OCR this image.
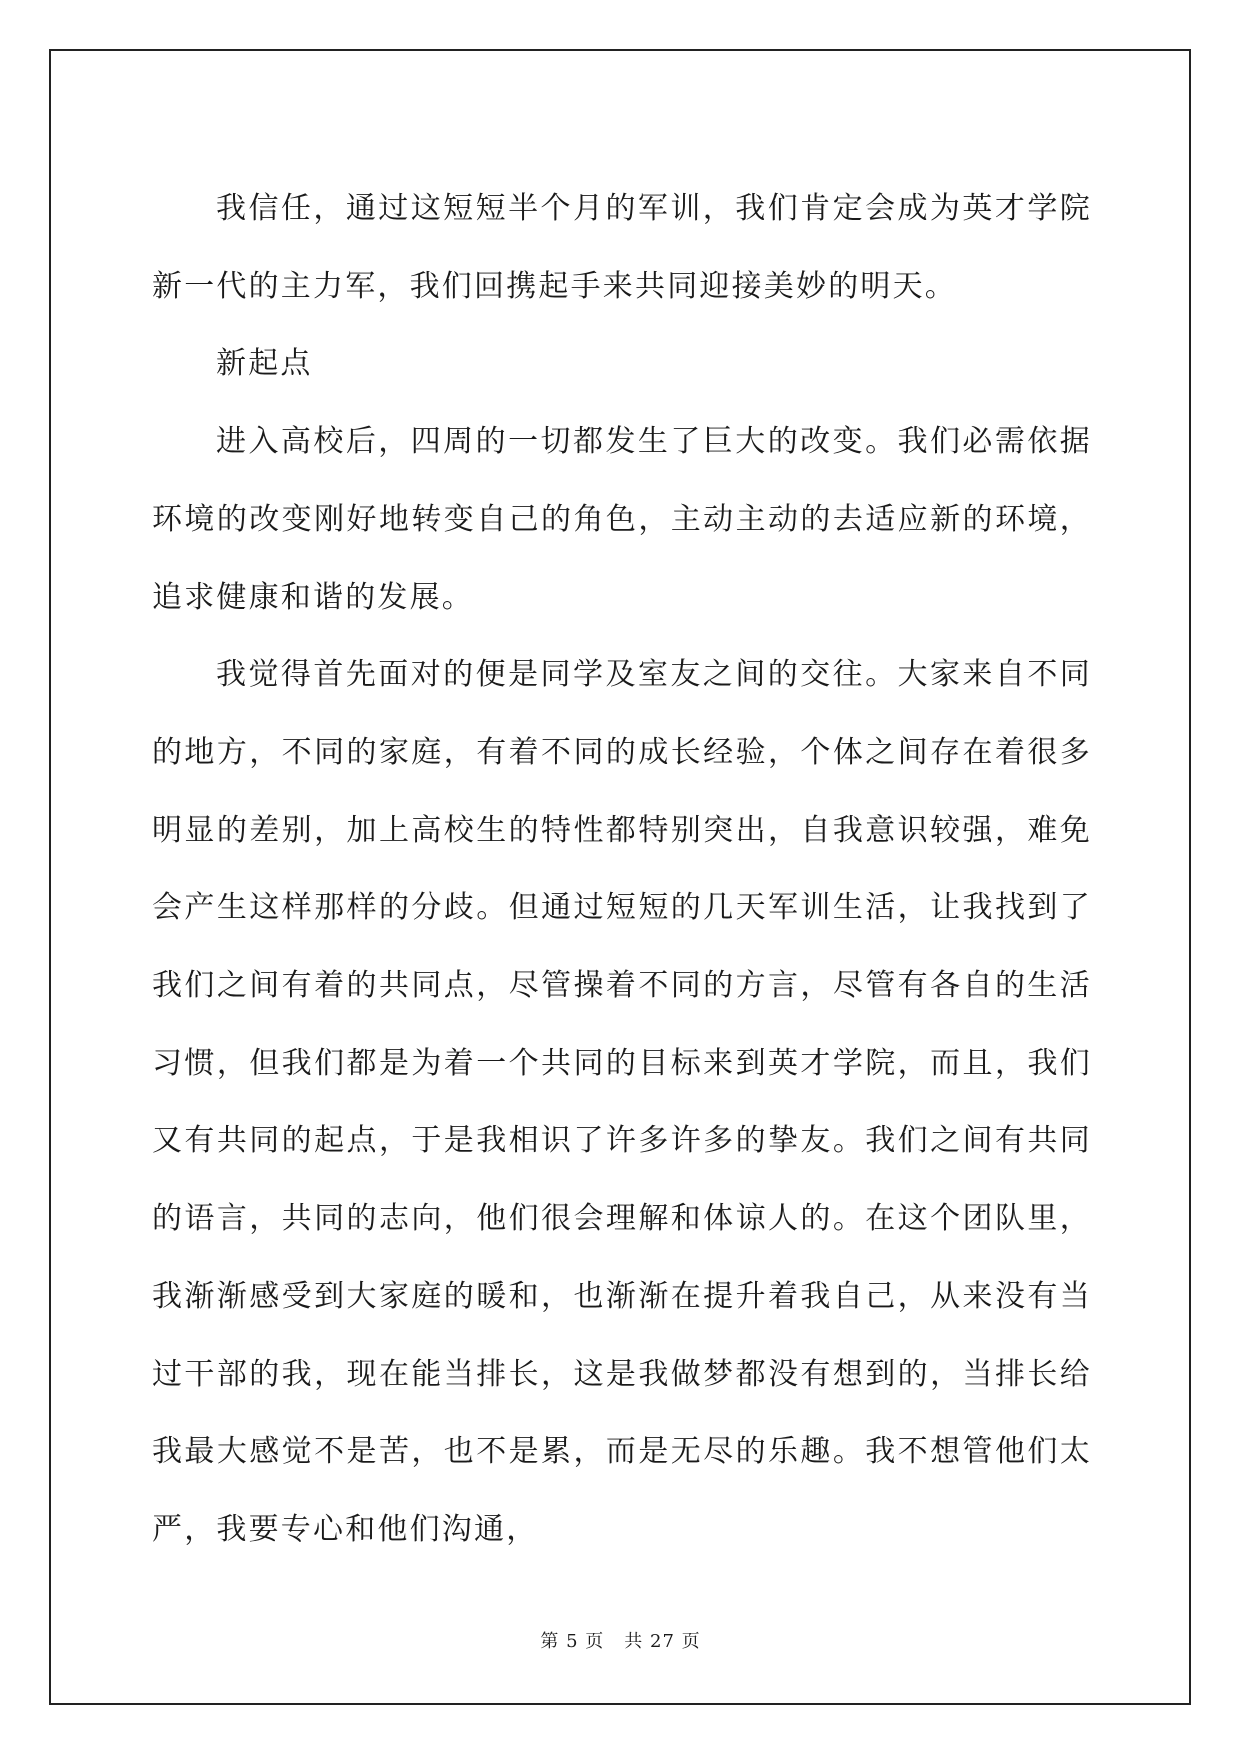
我信任，通过这短短半个月的军训，我们肯定会成为英才学院新一代的主力军，我们回携起手来共同迎接美妙的明天。

新起点

进入高校后，四周的一切都发生了巨大的改变。我们必需依据环境的改变刚好地转变自己的角色，主动主动的去适应新的环境，追求健康和谐的发展。

我觉得首先面对的便是同学及室友之间的交往。大家来自不同的地方，不同的家庭，有着不同的成长经验，个体之间存在着很多明显的差别，加上高校生的特性都特别突出，自我意识较强，难免会产生这样那样的分歧。但通过短短的几天军训生活，让我找到了我们之间有着的共同点，尽管操着不同的方言，尽管有各自的生活习惯，但我们都是为着一个共同的目标来到英才学院，而且，我们又有共同的起点，于是我相识了许多许多的挚友。我们之间有共同的语言，共同的志向，他们很会理解和体谅人的。在这个团队里，我渐渐感受到大家庭的暖和，也渐渐在提升着我自己，从来没有当过干部的我，现在能当排长，这是我做梦都没有想到的，当排长给我最大感觉不是苦，也不是累，而是无尽的乐趣。我不想管他们太严，我要专心和他们沟通，

第 5 页 共 27 页
